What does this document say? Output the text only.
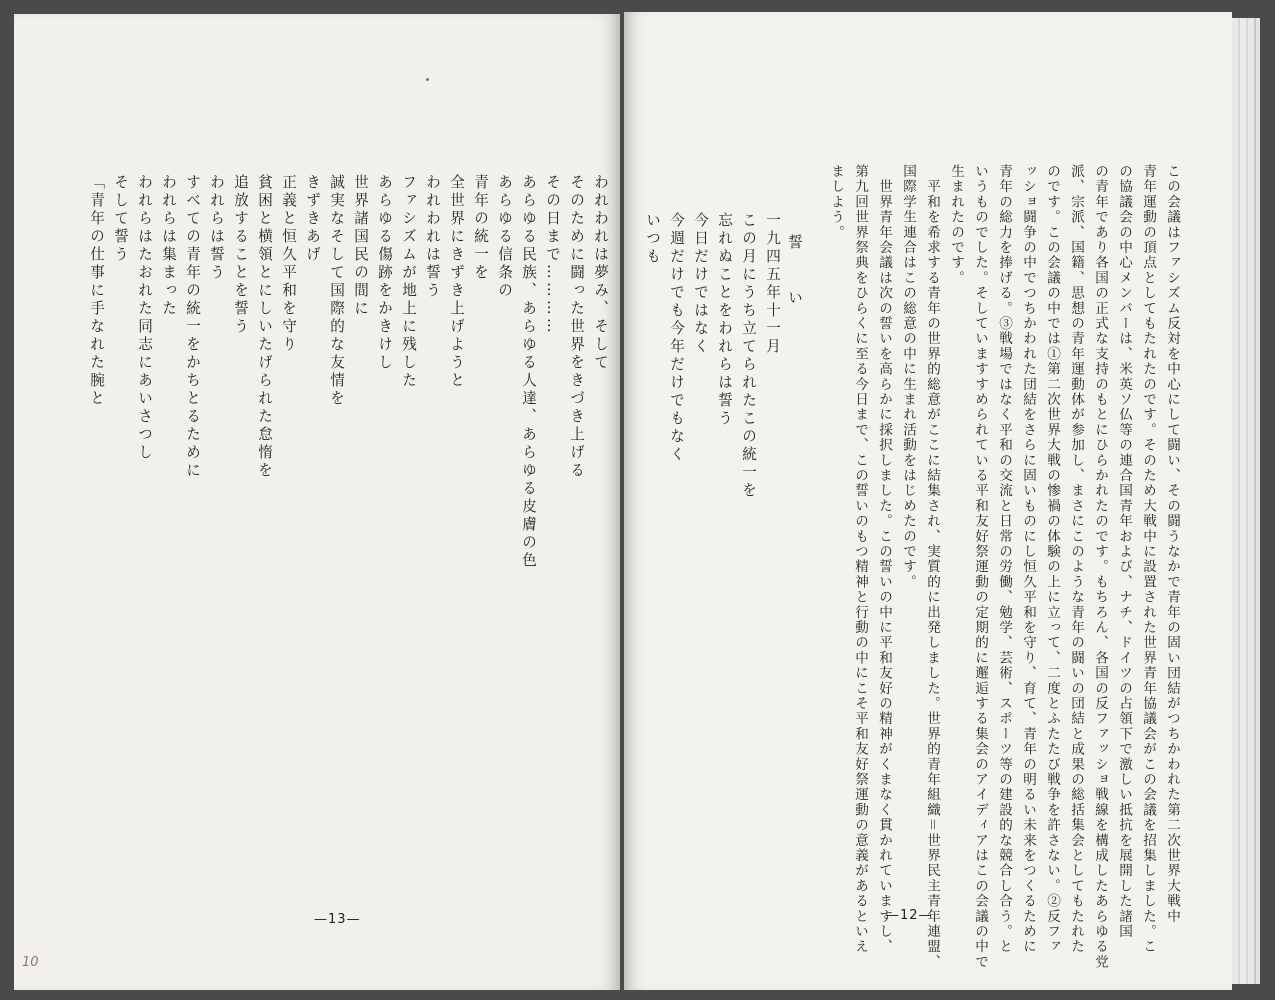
われわれは夢み、そして

そのために闘った世界をきづき上げる

その日まで…………

あらゆる民族、あらゆる人達、あらゆる皮膚の色

あらゆる信条の

青年の統一を

全世界にきずき上げようと

われわれは誓う

ファシズムが地上に残した

あらゆる傷跡をかきけし

世界諸国民の間に

誠実なそして国際的な友情を

きずきあげ

正義と恒久平和を守り

貧困と横領とにしいたげられた怠惰を

追放することを誓う

われらは誓う

すべての青年の統一をかちとるために

われらは集まった

われらはたおれた同志にあいさつし

そして誓う

「青年の仕事に手なれた腕と

—13—

	この会議はファシズム反対を中心にして闘い、その闘うなかで青年の固い団結がつちかわれた第二次世界大戦中

の協議会の中心メンバーは、米英ソ仏等の連合国青年および、ナチ、ドイツの占領下で激しい抵抗を展開した諸国

青年運動の頂点としてもたれたのです。そのため大戦中に設置された世界青年協議会がこの会議を招集しました。こ

の青年であり各国の正式な支持のもとにひらかれたのです。もちろん、各国の反ファッショ戦線を構成したあらゆる党

派、宗派、国籍、思想の青年運動体が参加し、まさにこのような青年の闘いの団結と成果の総括集会としてもたれた

のです。この会議の中では①第二次世界大戦の惨禍の体験の上に立って、二度とふたたび戦争を許さない。②反ファ

ッショ闘争の中でつちかわれた団結をさらに固いものにし恒久平和を守り、育て、青年の明るい未来をつくるために

青年の総力を捧げる。③戦場ではなく平和の交流と日常の労働、勉学、芸術、スポーツ等の建設的な競合し合う。と

いうものでした。そしていますすめられている平和友好祭運動の定期的に邂逅する集会のアイディアはこの会議の中で

生まれたのです。

　平和を希求する青年の世界的総意がここに結集され、実質的に出発しました。世界的青年組織＝世界民主青年連盟、

国際学生連合はこの総意の中に生まれ活動をはじめたのです。

　世界青年会議は次の誓いを高らかに採択しました。この誓いの中に平和友好の精神がくまなく貫かれていますし、

第九回世界祭典をひらくに至る今日まで、この誓いのもつ精神と行動の中にこそ平和友好祭運動の意義があるといえ

ましよう。

誓　　い

一九四五年十一月

この月にうち立てられたこの統一を

忘れぬことをわれらは誓う

今日だけではなく

今週だけでも今年だけでもなく

いつも

—12—
10
